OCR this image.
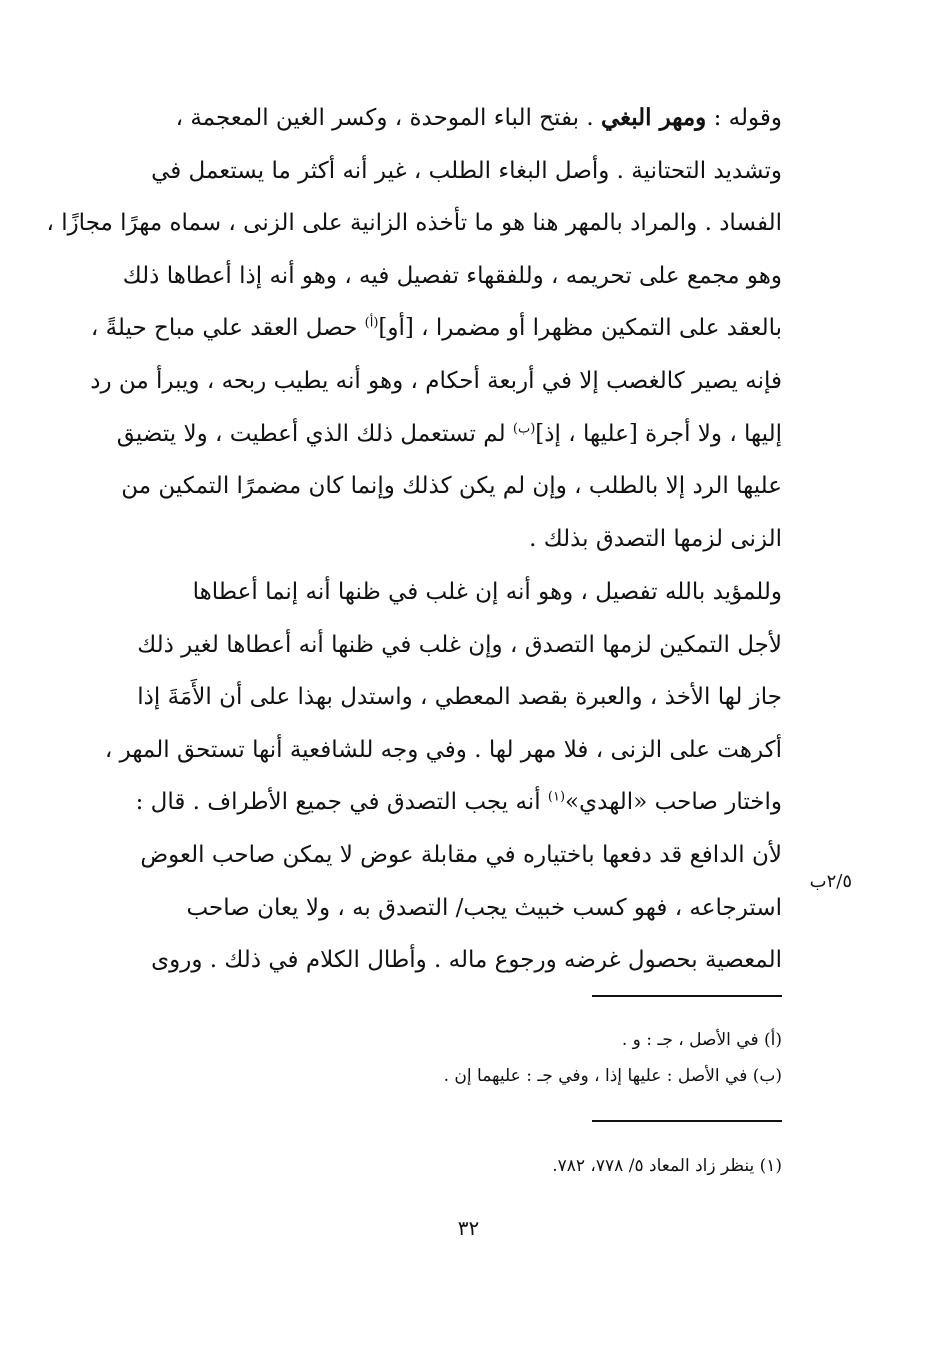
وقوله : ومهر البغي . بفتح الباء الموحدة ، وكسر الغين المعجمة ،
وتشديد التحتانية . وأصل البغاء الطلب ، غير أنه أكثر ما يستعمل في
الفساد . والمراد بالمهر هنا هو ما تأخذه الزانية على الزنى ، سماه مهرًا مجازًا ،
وهو مجمع على تحريمه ، وللفقهاء تفصيل فيه ، وهو أنه إذا أعطاها ذلك
بالعقد على التمكين مظهرا أو مضمرا ، [أو]$^{(أ)}$ حصل العقد علي مباح حيلةً ،
فإنه يصير كالغصب إلا في أربعة أحكام ، وهو أنه يطيب ربحه ، ويبرأ من رد
إليها ، ولا أجرة [عليها ، إذ]$^{(ب)}$ لم تستعمل ذلك الذي أعطيت ، ولا يتضيق
عليها الرد إلا بالطلب ، وإن لم يكن كذلك وإنما كان مضمرًا التمكين من
الزنى لزمها التصدق بذلك .
وللمؤيد بالله تفصيل ، وهو أنه إن غلب في ظنها أنه إنما أعطاها
لأجل التمكين لزمها التصدق ، وإن غلب في ظنها أنه أعطاها لغير ذلك
جاز لها الأخذ ، والعبرة بقصد المعطي ، واستدل بهذا على أن الأَمَةَ إذا
أكرهت على الزنى ، فلا مهر لها . وفي وجه للشافعية أنها تستحق المهر ،
واختار صاحب «الهدي»$^{(١)}$ أنه يجب التصدق في جميع الأطراف . قال :
لأن الدافع قد دفعها باختياره في مقابلة عوض لا يمكن صاحب العوض
استرجاعه ، فهو كسب خبيث يجب/ التصدق به ، ولا يعان صاحب
المعصية بحصول غرضه ورجوع ماله . وأطال الكلام في ذلك . وروى
٢/٥ب
(أ) في الأصل ، جـ : و .
(ب) في الأصل : عليها إذا ، وفي جـ : عليهما إن .
(١) ينظر زاد المعاد ٥/ ٧٧٨، ٧٨٢.
٣٢
